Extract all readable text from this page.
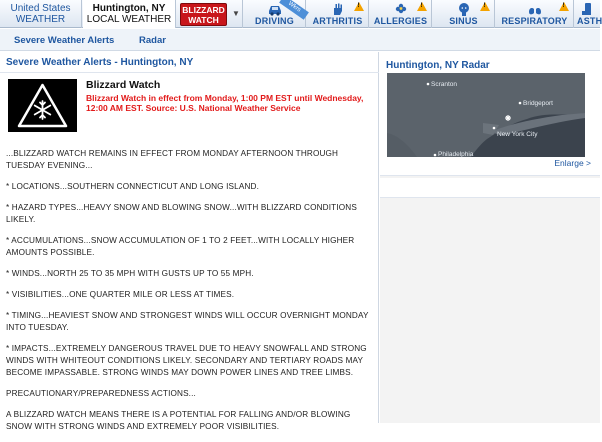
United States
WEATHER
Huntington, NY
LOCAL WEATHER
BLIZZARD
WATCH
▼
Wkrs
DRIVING
!	ARTHRITIS
!	ALLERGIES
!	SINUS
!	RESPIRATORY	ASTH
Severe Weather Alerts	Radar
Severe Weather Alerts - Huntington, NY
Blizzard Watch
Blizzard Watch in effect from Monday, 1:00 PM EST until Wednesday, 12:00 AM EST. Source: U.S. National Weather Service

...BLIZZARD WATCH REMAINS IN EFFECT FROM MONDAY AFTERNOON THROUGH TUESDAY EVENING...

* LOCATIONS...SOUTHERN CONNECTICUT AND LONG ISLAND.

* HAZARD TYPES...HEAVY SNOW AND BLOWING SNOW...WITH BLIZZARD CONDITIONS LIKELY.

* ACCUMULATIONS...SNOW ACCUMULATION OF 1 TO 2 FEET...WITH LOCALLY HIGHER AMOUNTS POSSIBLE.

* WINDS...NORTH 25 TO 35 MPH WITH GUSTS UP TO 55 MPH.

* VISIBILITIES...ONE QUARTER MILE OR LESS AT TIMES.

* TIMING...HEAVIEST SNOW AND STRONGEST WINDS WILL OCCUR OVERNIGHT MONDAY INTO TUESDAY.

* IMPACTS...EXTREMELY DANGEROUS TRAVEL DUE TO HEAVY SNOWFALL AND STRONG WINDS WITH WHITEOUT CONDITIONS LIKELY. SECONDARY AND TERTIARY ROADS MAY BECOME IMPASSABLE. STRONG WINDS MAY DOWN POWER LINES AND TREE LIMBS.

PRECAUTIONARY/PREPAREDNESS ACTIONS...

A BLIZZARD WATCH MEANS THERE IS A POTENTIAL FOR FALLING AND/OR BLOWING SNOW WITH STRONG WINDS AND EXTREMELY POOR VISIBILITIES.

Huntington, NY Radar
Scranton
Bridgeport
New York City
Philadelphia
Enlarge >
